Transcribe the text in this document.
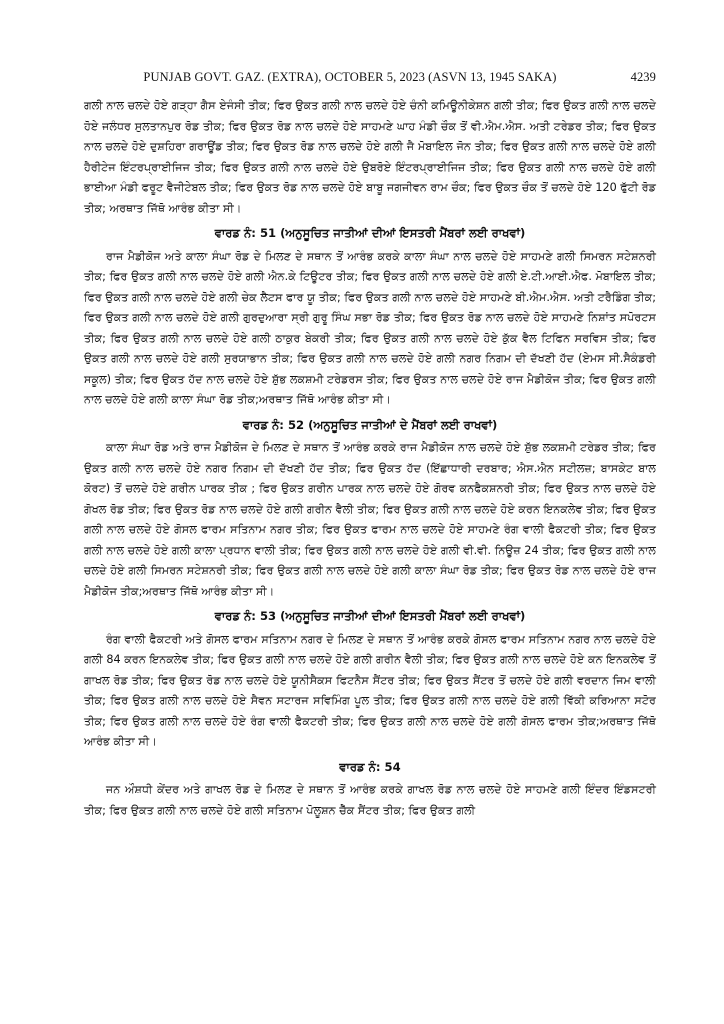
PUNJAB GOVT. GAZ. (EXTRA), OCTOBER 5, 2023 (ASVN 13, 1945 SAKA)	4239

ਗਲੀ ਨਾਲ ਚਲਦੇ ਹੋਏ ਗੜ੍ਹਾ ਗੈਸ ਏਜੰਸੀ ਤੀਕ; ਫਿਰ ਉਕਤ ਗਲੀ ਨਾਲ ਚਲਦੇ ਹੋਏ ਚੰਨੀ ਕਮਿਊਨੀਕੇਸ਼ਨ ਗਲੀ ਤੀਕ; ਫਿਰ ਉਕਤ ਗਲੀ ਨਾਲ ਚਲਦੇ ਹੋਏ ਜਲੰਧਰ ਸੁਲਤਾਨਪੁਰ ਰੋਡ ਤੀਕ; ਫਿਰ ਉਕਤ ਰੋਡ ਨਾਲ ਚਲਦੇ ਹੋਏ ਸਾਹਮਣੇ ਘਾਹ ਮੰਡੀ ਚੌਕ ਤੋਂ ਵੀ.ਐਮ.ਐਸ. ਅਤੀ ਟਰੇਡਰ ਤੀਕ; ਫਿਰ ਉਕਤ ਨਾਲ ਚਲਦੇ ਹੋਏ ਦੁਸ਼ਹਿਰਾ ਗਰਾਊਂਡ ਤੀਕ; ਫਿਰ ਉਕਤ ਰੋਡ ਨਾਲ ਚਲਦੇ ਹੋਏ ਗਲੀ ਜੈ ਮੋਬਾਇਲ ਜੋਨ ਤੀਕ; ਫਿਰ ਉਕਤ ਗਲੀ ਨਾਲ ਚਲਦੇ ਹੋਏ ਗਲੀ ਹੈਰੀਟੇਜ ਇੰਟਰਪ੍ਰਾਈਜਿਜ ਤੀਕ; ਫਿਰ ਉਕਤ ਗਲੀ ਨਾਲ ਚਲਦੇ ਹੋਏ ਉਬਰੋਏ ਇੰਟਰਪ੍ਰਾਈਜਿਜ ਤੀਕ; ਫਿਰ ਉਕਤ ਗਲੀ ਨਾਲ ਚਲਦੇ ਹੋਏ ਗਲੀ ਭਾਈਆ ਮੰਡੀ ਫਰੂਟ ਵੈਜੀਟੇਬਲ ਤੀਕ; ਫਿਰ ਉਕਤ ਰੋਡ ਨਾਲ ਚਲਦੇ ਹੋਏ ਬਾਬੂ ਜਗਜੀਵਨ ਰਾਮ ਚੌਕ; ਫਿਰ ਉਕਤ ਚੌਕ ਤੋਂ ਚਲਦੇ ਹੋਏ 120 ਫੁੱਟੀ ਰੋਡ ਤੀਕ; ਅਰਥਾਤ ਜਿੱਥੋ ਆਰੰਭ ਕੀਤਾ ਸੀ।

ਵਾਰਡ ਨੰ: 51 (ਅਨੁਸੂਚਿਤ ਜਾਤੀਆਂ ਦੀਆਂ ਇਸਤਰੀ ਮੈਂਬਰਾਂ ਲਈ ਰਾਖਵਾਂ)

ਰਾਜ ਮੈਡੀਕੋਜ ਅਤੇ ਕਾਲਾ ਸੰਘਾ ਰੋਡ ਦੇ ਮਿਲਣ ਦੇ ਸਥਾਨ ਤੋਂ ਆਰੰਭ ਕਰਕੇ ਕਾਲਾ ਸੰਘਾ ਨਾਲ ਚਲਦੇ ਹੋਏ ਸਾਹਮਣੇ ਗਲੀ ਸਿਮਰਨ ਸਟੇਸ਼ਨਰੀ ਤੀਕ; ਫਿਰ ਉਕਤ ਗਲੀ ਨਾਲ ਚਲਦੇ ਹੋਏ ਗਲੀ ਐਨ.ਕੇ ਟਿਊਟਰ ਤੀਕ; ਫਿਰ ਉਕਤ ਗਲੀ ਨਾਲ ਚਲਦੇ ਹੋਏ ਗਲੀ ਏ.ਟੀ.ਆਈ.ਐਫ. ਮੋਬਾਇਲ ਤੀਕ; ਫਿਰ ਉਕਤ ਗਲੀ ਨਾਲ ਚਲਦੇ ਹੋਏ ਗਲੀ ਚੇਕ ਲੈਟਸ ਫਾਰ ਯੂ ਤੀਕ; ਫਿਰ ਉਕਤ ਗਲੀ ਨਾਲ ਚਲਦੇ ਹੋਏ ਸਾਹਮਣੇ ਬੀ.ਐਮ.ਐਸ. ਅਤੀ ਟਰੈਡਿੰਗ ਤੀਕ; ਫਿਰ ਉਕਤ ਗਲੀ ਨਾਲ ਚਲਦੇ ਹੋਏ ਗਲੀ ਗੁਰਦੁਆਰਾ ਸ੍ਰੀ ਗੁਰੂ ਸਿੰਘ ਸਭਾ ਰੋਡ ਤੀਕ; ਫਿਰ ਉਕਤ ਰੋਡ ਨਾਲ ਚਲਦੇ ਹੋਏ ਸਾਹਮਣੇ ਨਿਸ਼ਾਂਤ ਸਪੋਰਟਸ ਤੀਕ; ਫਿਰ ਉਕਤ ਗਲੀ ਨਾਲ ਚਲਦੇ ਹੋਏ ਗਲੀ ਠਾਕੁਰ ਬੇਕਰੀ ਤੀਕ; ਫਿਰ ਉਕਤ ਗਲੀ ਨਾਲ ਚਲਦੇ ਹੋਏ ਕੁੱਕ ਵੈਲ ਟਿਫਿਨ ਸਰਵਿਸ ਤੀਕ; ਫਿਰ ਉਕਤ ਗਲੀ ਨਾਲ ਚਲਦੇ ਹੋਏ ਗਲੀ ਸੁਰਯਾਭਾਨ ਤੀਕ; ਫਿਰ ਉਕਤ ਗਲੀ ਨਾਲ ਚਲਦੇ ਹੋਏ ਗਲੀ ਨਗਰ ਨਿਗਮ ਦੀ ਦੱਖਣੀ ਹੱਦ (ਏਮਸ ਸੀ.ਸੈਕੰਡਰੀ ਸਕੂਲ) ਤੀਕ; ਫਿਰ ਉਕਤ ਹੱਦ ਨਾਲ ਚਲਦੇ ਹੋਏ ਸ਼ੁੱਭ ਲਕਸ਼ਮੀ ਟਰੇਡਰਸ ਤੀਕ; ਫਿਰ ਉਕਤ ਨਾਲ ਚਲਦੇ ਹੋਏ ਰਾਜ ਮੈਡੀਕੋਜ ਤੀਕ; ਫਿਰ ਉਕਤ ਗਲੀ ਨਾਲ ਚਲਦੇ ਹੋਏ ਗਲੀ ਕਾਲਾ ਸੰਘਾ ਰੋਡ ਤੀਕ;ਅਰਥਾਤ ਜਿੱਥੋ ਆਰੰਭ ਕੀਤਾ ਸੀ।

ਵਾਰਡ ਨੰ: 52 (ਅਨੁਸੂਚਿਤ ਜਾਤੀਆਂ ਦੇ ਮੈਂਬਰਾਂ ਲਈ ਰਾਖਵਾਂ)

ਕਾਲਾ ਸੰਘਾ ਰੋਡ ਅਤੇ ਰਾਜ ਮੈਡੀਕੋਜ ਦੇ ਮਿਲਣ ਦੇ ਸਥਾਨ ਤੋਂ ਆਰੰਭ ਕਰਕੇ ਰਾਜ ਮੈਡੀਕੋਜ ਨਾਲ ਚਲਦੇ ਹੋਏ ਸ਼ੁੱਭ ਲਕਸ਼ਮੀ ਟਰੇਡਰ ਤੀਕ; ਫਿਰ ਉਕਤ ਗਲੀ ਨਾਲ ਚਲਦੇ ਹੋਏ ਨਗਰ ਨਿਗਮ ਦੀ ਦੱਖਣੀ ਹੱਦ ਤੀਕ; ਫਿਰ ਉਕਤ ਹੱਦ (ਇੱਛਾਧਾਰੀ ਦਰਬਾਰ; ਐਸ.ਐਨ ਸਟੀਲਜ਼; ਬਾਸਕੇਟ ਬਾਲ ਕੋਰਟ) ਤੋਂ ਚਲਦੇ ਹੋਏ ਗਰੀਨ ਪਾਰਕ ਤੀਕ ; ਫਿਰ ਉਕਤ ਗਰੀਨ ਪਾਰਕ ਨਾਲ ਚਲਦੇ ਹੋਏ ਗੋਰਵ ਕਨਫੈਕਸ਼ਨਰੀ ਤੀਕ; ਫਿਰ ਉਕਤ ਨਾਲ ਚਲਦੇ ਹੋਏ ਗੋਖਲ ਰੋਡ ਤੀਕ; ਫਿਰ ਉਕਤ ਰੋਡ ਨਾਲ ਚਲਦੇ ਹੋਏ ਗਲੀ ਗਰੀਨ ਵੈਲੀ ਤੀਕ; ਫਿਰ ਉਕਤ ਗਲੀ ਨਾਲ ਚਲਦੇ ਹੋਏ ਕਰਨ ਇਨਕਲੇਵ ਤੀਕ; ਫਿਰ ਉਕਤ ਗਲੀ ਨਾਲ ਚਲਦੇ ਹੋਏ ਗੋਸਲ ਫਾਰਮ ਸਤਿਨਾਮ ਨਗਰ ਤੀਕ; ਫਿਰ ਉਕਤ ਫਾਰਮ ਨਾਲ ਚਲਦੇ ਹੋਏ ਸਾਹਮਣੇ ਰੰਗ ਵਾਲੀ ਫੈਕਟਰੀ ਤੀਕ; ਫਿਰ ਉਕਤ ਗਲੀ ਨਾਲ ਚਲਦੇ ਹੋਏ ਗਲੀ ਕਾਲਾ ਪ੍ਰਧਾਨ ਵਾਲੀ ਤੀਕ; ਫਿਰ ਉਕਤ ਗਲੀ ਨਾਲ ਚਲਦੇ ਹੋਏ ਗਲੀ ਵੀ.ਵੀ. ਨਿਊਜ਼ 24 ਤੀਕ; ਫਿਰ ਉਕਤ ਗਲੀ ਨਾਲ ਚਲਦੇ ਹੋਏ ਗਲੀ ਸਿਮਰਨ ਸਟੇਸ਼ਨਰੀ ਤੀਕ; ਫਿਰ ਉਕਤ ਗਲੀ ਨਾਲ ਚਲਦੇ ਹੋਏ ਗਲੀ ਕਾਲਾ ਸੰਘਾ ਰੋਡ ਤੀਕ; ਫਿਰ ਉਕਤ ਰੋਡ ਨਾਲ ਚਲਦੇ ਹੋਏ ਰਾਜ ਮੈਡੀਕੋਜ ਤੀਕ;ਅਰਥਾਤ ਜਿੱਥੋ ਆਰੰਭ ਕੀਤਾ ਸੀ।

ਵਾਰਡ ਨੰ: 53 (ਅਨੁਸੂਚਿਤ ਜਾਤੀਆਂ ਦੀਆਂ ਇਸਤਰੀ ਮੈਂਬਰਾਂ ਲਈ ਰਾਖਵਾਂ)

ਰੰਗ ਵਾਲੀ ਫੈਕਟਰੀ ਅਤੇ ਗੋਸਲ ਫਾਰਮ ਸਤਿਨਾਮ ਨਗਰ ਦੇ ਮਿਲਣ ਦੇ ਸਥਾਨ ਤੋਂ ਆਰੰਭ ਕਰਕੇ ਗੋਸਲ ਫਾਰਮ ਸਤਿਨਾਮ ਨਗਰ ਨਾਲ ਚਲਦੇ ਹੋਏ ਗਲੀ 84 ਕਰਨ ਇਨਕਲੇਵ ਤੀਕ; ਫਿਰ ਉਕਤ ਗਲੀ ਨਾਲ ਚਲਦੇ ਹੋਏ ਗਲੀ ਗਰੀਨ ਵੈਲੀ ਤੀਕ; ਫਿਰ ਉਕਤ ਗਲੀ ਨਾਲ ਚਲਦੇ ਹੋਏ ਕਨ ਇਨਕਲੇਵ ਤੋਂ ਗਾਖਲ ਰੋਡ ਤੀਕ; ਫਿਰ ਉਕਤ ਰੋਡ ਨਾਲ ਚਲਦੇ ਹੋਏ ਯੂਨੀਸੈਕਸ ਫਿਟਨੈਸ ਸੈਂਟਰ ਤੀਕ; ਫਿਰ ਉਕਤ ਸੈਂਟਰ ਤੋਂ ਚਲਦੇ ਹੋਏ ਗਲੀ ਵਰਦਾਨ ਜਿਮ ਵਾਲੀ ਤੀਕ; ਫਿਰ ਉਕਤ ਗਲੀ ਨਾਲ ਚਲਦੇ ਹੋਏ ਸੈਵਨ ਸਟਾਰਜ ਸਵਿਮਿੰਗ ਪੂਲ ਤੀਕ; ਫਿਰ ਉਕਤ ਗਲੀ ਨਾਲ ਚਲਦੇ ਹੋਏ ਗਲੀ ਵਿੱਕੀ ਕਰਿਆਨਾ ਸਟੋਰ ਤੀਕ; ਫਿਰ ਉਕਤ ਗਲੀ ਨਾਲ ਚਲਦੇ ਹੋਏ ਰੰਗ ਵਾਲੀ ਫੈਕਟਰੀ ਤੀਕ; ਫਿਰ ਉਕਤ ਗਲੀ ਨਾਲ ਚਲਦੇ ਹੋਏ ਗਲੀ ਗੋਸਲ ਫਾਰਮ ਤੀਕ;ਅਰਥਾਤ ਜਿੱਥੋ ਆਰੰਭ ਕੀਤਾ ਸੀ।

ਵਾਰਡ ਨੰ: 54

ਜਨ ਔਸ਼ਧੀ ਕੇਂਦਰ ਅਤੇ ਗਾਖਲ ਰੋਡ ਦੇ ਮਿਲਣ ਦੇ ਸਥਾਨ ਤੋਂ ਆਰੰਭ ਕਰਕੇ ਗਾਖਲ ਰੋਡ ਨਾਲ ਚਲਦੇ ਹੋਏ ਸਾਹਮਣੇ ਗਲੀ ਇੰਦਰ ਇੰਡਸਟਰੀ ਤੀਕ; ਫਿਰ ਉਕਤ ਗਲੀ ਨਾਲ ਚਲਦੇ ਹੋਏ ਗਲੀ ਸਤਿਨਾਮ ਪੋਲੂਸ਼ਨ ਚੈੱਕ ਸੈਂਟਰ ਤੀਕ; ਫਿਰ ਉਕਤ ਗਲੀ
